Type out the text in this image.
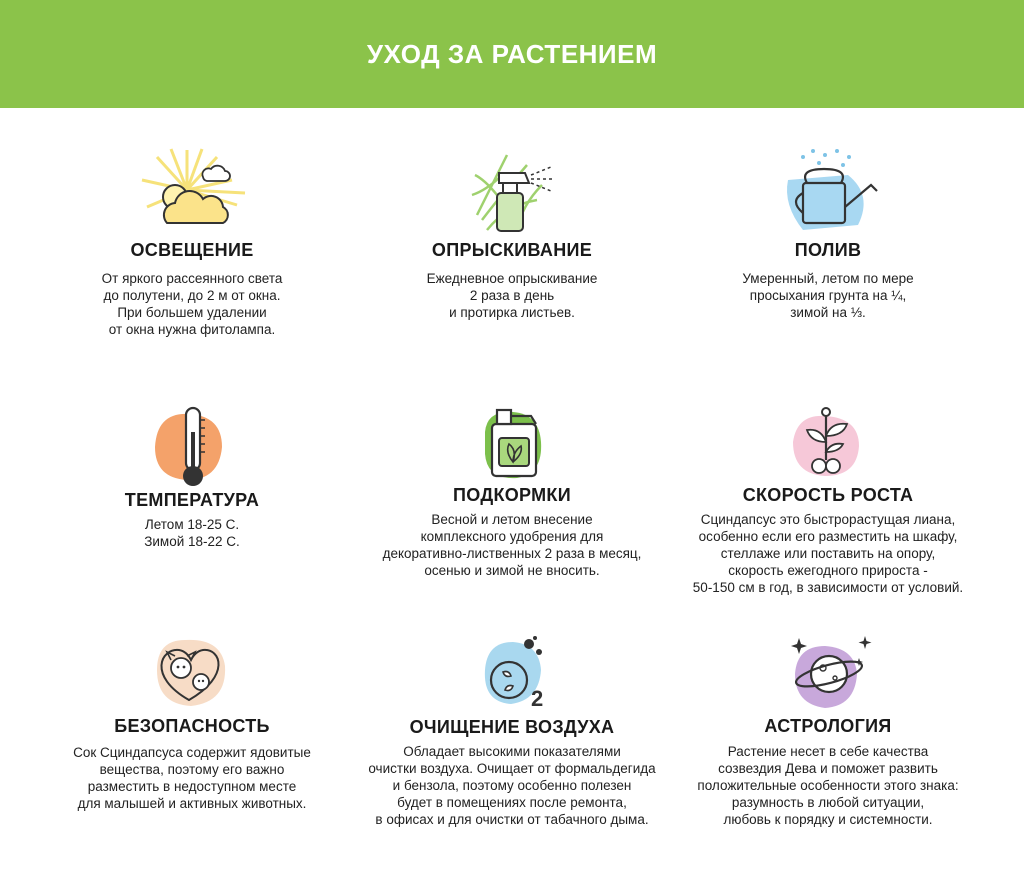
УХОД ЗА РАСТЕНИЕМ
ОСВЕЩЕНИЕ
От яркого рассеянного света
до полутени, до 2 м от окна.
При большем удалении
от окна нужна фитолампа.
ОПРЫСКИВАНИЕ
Ежедневное опрыскивание
2 раза в день
и протирка листьев.
ПОЛИВ
Умеренный, летом по мере
просыхания грунта на ¼,
зимой на ⅓.
ТЕМПЕРАТУРА
Летом 18-25 С.
Зимой 18-22 С.
ПОДКОРМКИ
Весной и летом внесение
комплексного удобрения для
декоративно-лиственных 2 раза в месяц,
осенью и зимой не вносить.
СКОРОСТЬ РОСТА
Сциндапсус это быстрорастущая лиана,
особенно если его разместить на шкафу,
стеллаже или поставить на опору,
скорость ежегодного прироста -
50-150 см в год, в зависимости от условий.
БЕЗОПАСНОСТЬ
Сок Сциндапсуса содержит ядовитые
вещества, поэтому его важно
разместить в недоступном месте
для малышей и активных животных.
2
ОЧИЩЕНИЕ ВОЗДУХА
Обладает высокими показателями
очистки воздуха. Очищает от формальдегида
и бензола, поэтому особенно полезен
будет в помещениях после ремонта,
в офисах и для очистки от табачного дыма.
АСТРОЛОГИЯ
Растение несет в себе качества
созвездия Дева и поможет развить
положительные особенности этого знака:
разумность в любой ситуации,
любовь к порядку и системности.
